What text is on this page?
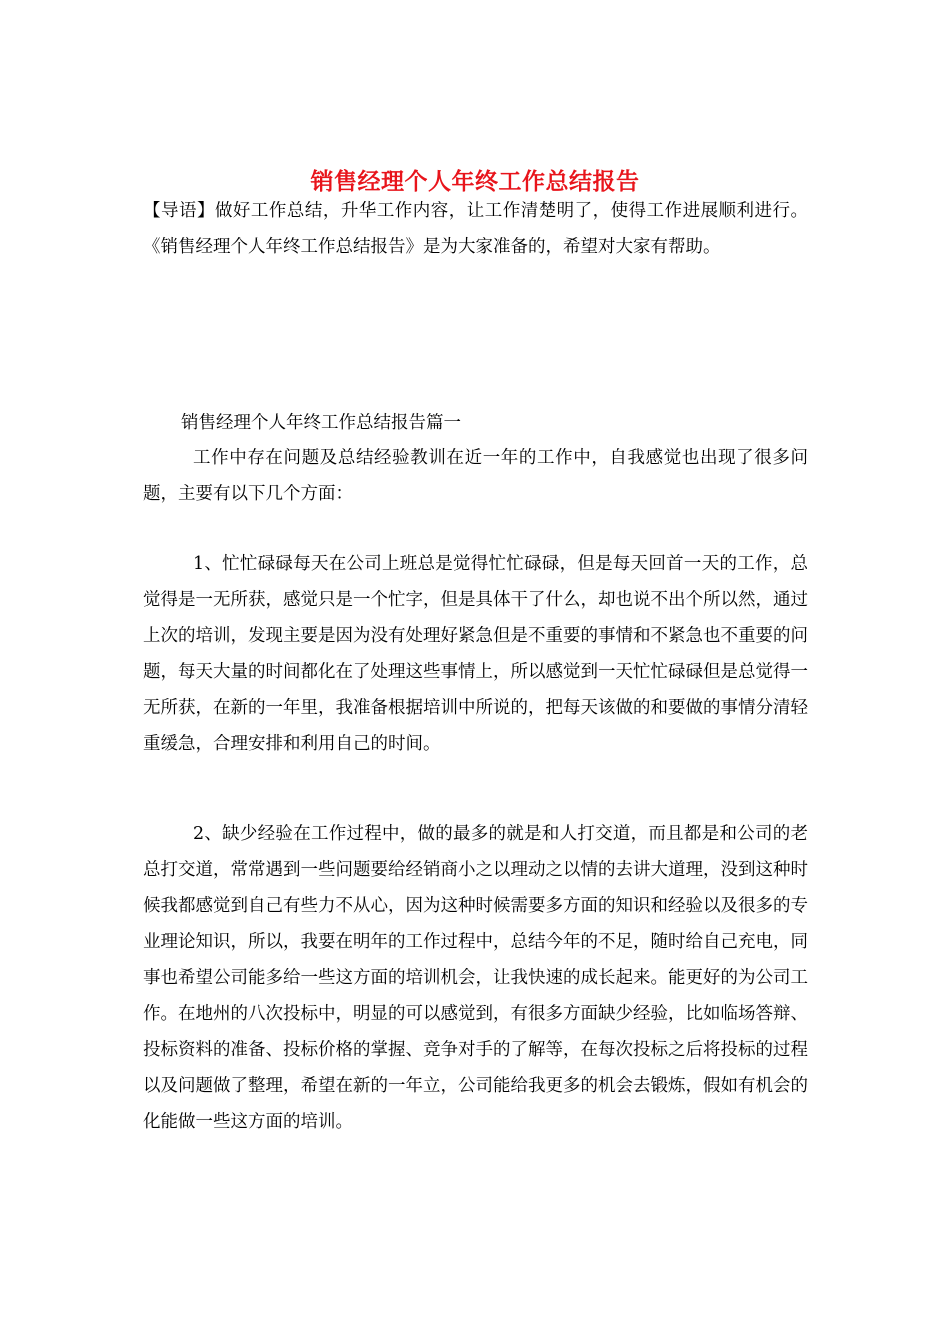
销售经理个人年终工作总结报告

【导语】做好工作总结，升华工作内容，让工作清楚明了，使得工作进展顺利进行。《销售经理个人年终工作总结报告》是为大家准备的，希望对大家有帮助。

销售经理个人年终工作总结报告篇一

工作中存在问题及总结经验教训在近一年的工作中，自我感觉也出现了很多问题，主要有以下几个方面：

1、忙忙碌碌每天在公司上班总是觉得忙忙碌碌，但是每天回首一天的工作，总觉得是一无所获，感觉只是一个忙字，但是具体干了什么，却也说不出个所以然，通过上次的培训，发现主要是因为没有处理好紧急但是不重要的事情和不紧急也不重要的问题，每天大量的时间都化在了处理这些事情上，所以感觉到一天忙忙碌碌但是总觉得一无所获，在新的一年里，我准备根据培训中所说的，把每天该做的和要做的事情分清轻重缓急，合理安排和利用自己的时间。

2、缺少经验在工作过程中，做的最多的就是和人打交道，而且都是和公司的老总打交道，常常遇到一些问题要给经销商小之以理动之以情的去讲大道理，没到这种时候我都感觉到自己有些力不从心，因为这种时候需要多方面的知识和经验以及很多的专业理论知识，所以，我要在明年的工作过程中，总结今年的不足，随时给自己充电，同事也希望公司能多给一些这方面的培训机会，让我快速的成长起来。能更好的为公司工作。在地州的八次投标中，明显的可以感觉到，有很多方面缺少经验，比如临场答辩、投标资料的准备、投标价格的掌握、竞争对手的了解等，在每次投标之后将投标的过程以及问题做了整理，希望在新的一年立，公司能给我更多的机会去锻炼，假如有机会的化能做一些这方面的培训。
